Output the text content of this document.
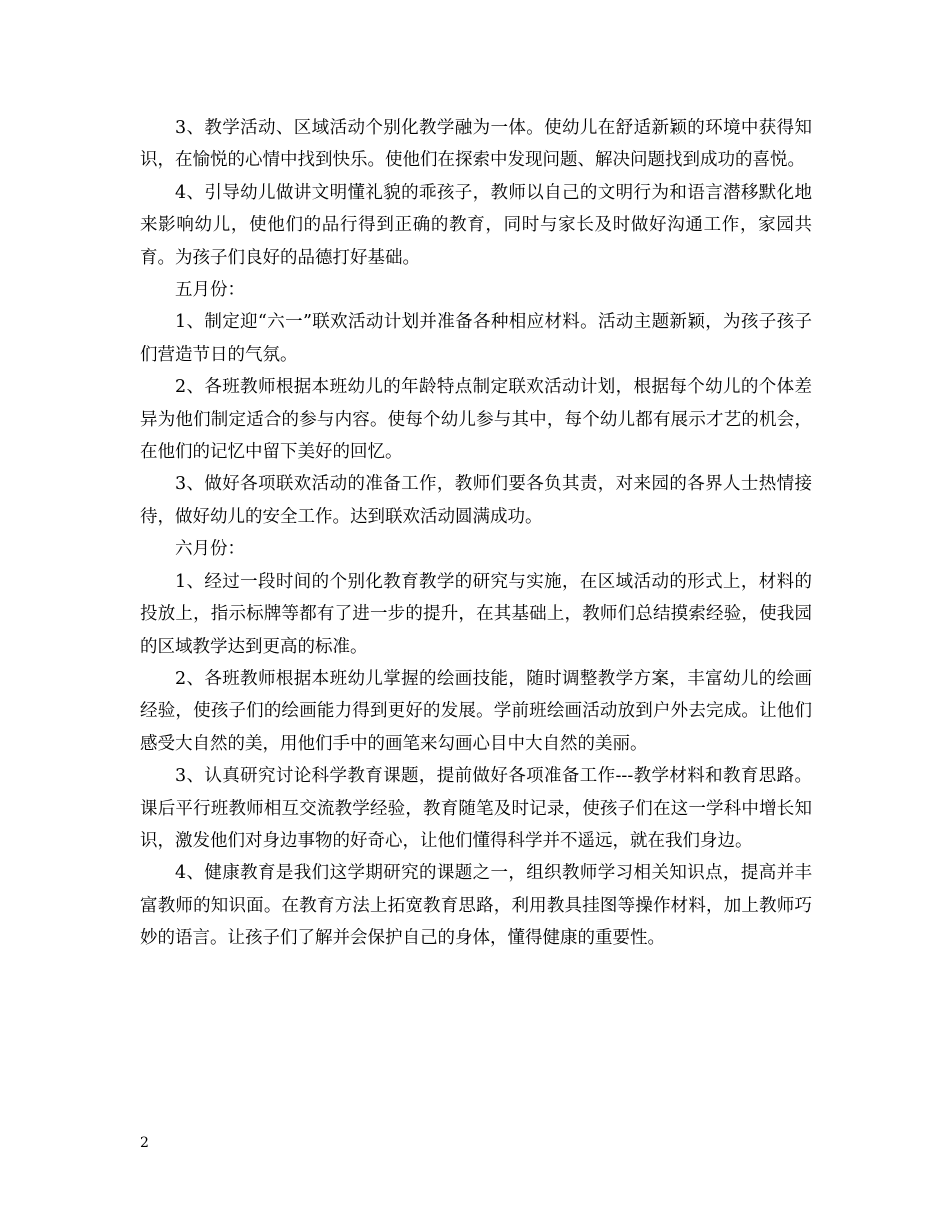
3、教学活动、区域活动个别化教学融为一体。使幼儿在舒适新颖的环境中获得知识，在愉悦的心情中找到快乐。使他们在探索中发现问题、解决问题找到成功的喜悦。

4、引导幼儿做讲文明懂礼貌的乖孩子，教师以自己的文明行为和语言潜移默化地来影响幼儿，使他们的品行得到正确的教育，同时与家长及时做好沟通工作，家园共育。为孩子们良好的品德打好基础。

五月份：

1、制定迎“六一”联欢活动计划并准备各种相应材料。活动主题新颖，为孩子孩子们营造节日的气氛。

2、各班教师根据本班幼儿的年龄特点制定联欢活动计划，根据每个幼儿的个体差异为他们制定适合的参与内容。使每个幼儿参与其中，每个幼儿都有展示才艺的机会，在他们的记忆中留下美好的回忆。

3、做好各项联欢活动的准备工作，教师们要各负其责，对来园的各界人士热情接待，做好幼儿的安全工作。达到联欢活动圆满成功。

六月份：

1、经过一段时间的个别化教育教学的研究与实施，在区域活动的形式上，材料的投放上，指示标牌等都有了进一步的提升，在其基础上，教师们总结摸索经验，使我园的区域教学达到更高的标准。

2、各班教师根据本班幼儿掌握的绘画技能，随时调整教学方案，丰富幼儿的绘画经验，使孩子们的绘画能力得到更好的发展。学前班绘画活动放到户外去完成。让他们感受大自然的美，用他们手中的画笔来勾画心目中大自然的美丽。

3、认真研究讨论科学教育课题，提前做好各项准备工作---教学材料和教育思路。课后平行班教师相互交流教学经验，教育随笔及时记录，使孩子们在这一学科中增长知识，激发他们对身边事物的好奇心，让他们懂得科学并不遥远，就在我们身边。

4、健康教育是我们这学期研究的课题之一，组织教师学习相关知识点，提高并丰富教师的知识面。在教育方法上拓宽教育思路，利用教具挂图等操作材料，加上教师巧妙的语言。让孩子们了解并会保护自己的身体，懂得健康的重要性。

2
